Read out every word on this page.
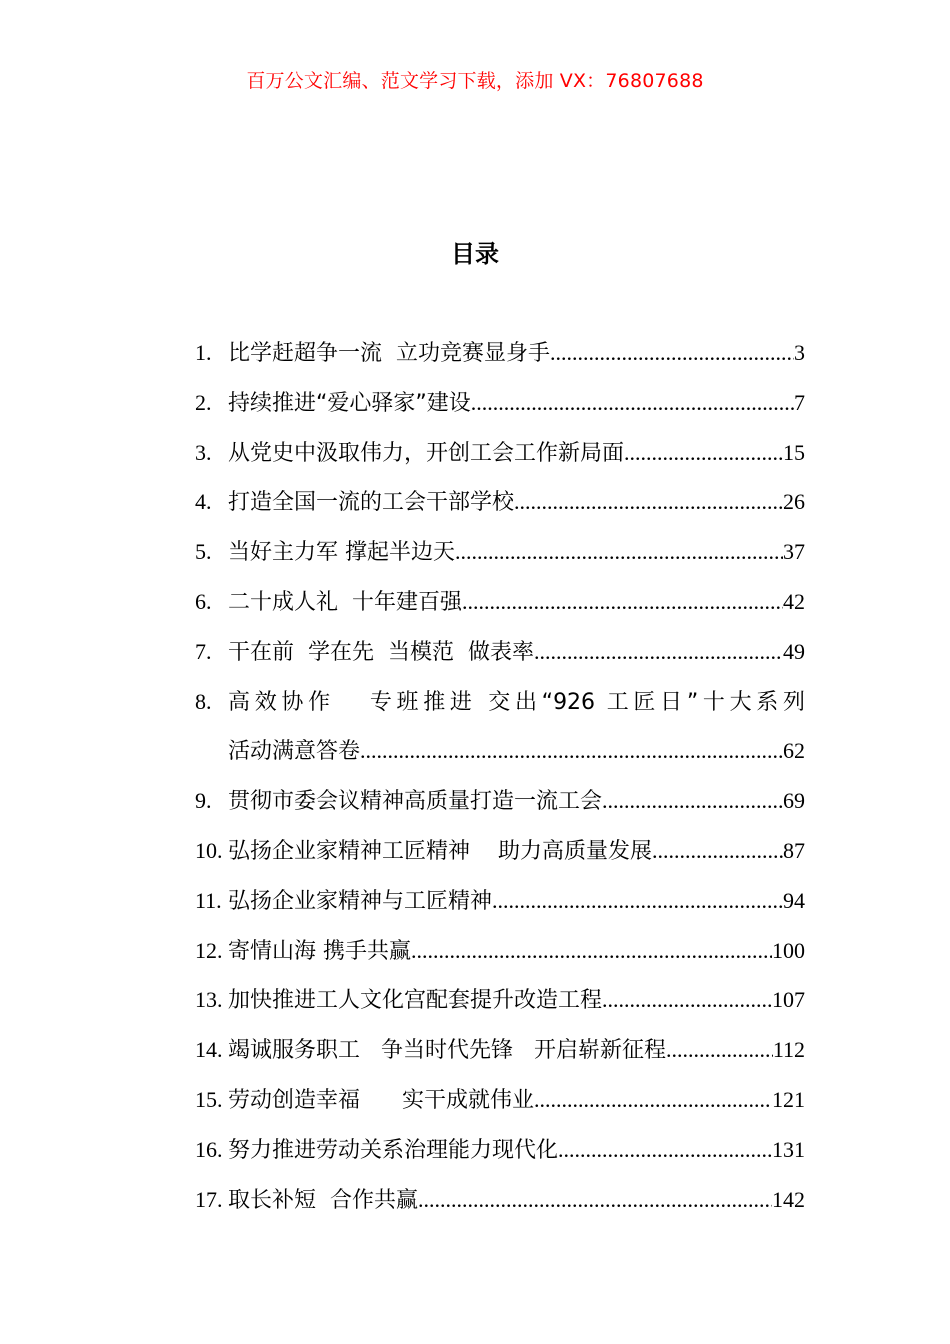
百万公文汇编、范文学习下载，添加 VX：76807688
目录
1. 比学赶超争一流  立功竞赛显身手 .....	3
2. 持续推进“爱心驿家”建设 .....	7
3. 从党史中汲取伟力，开创工会工作新局面 .....	15
4. 打造全国一流的工会干部学校 .....	26
5. 当好主力军 撑起半边天 .....	37
6. 二十成人礼  十年建百强 .....	42
7. 干在前  学在先  当模范  做表率 .....	49
8. 高效协作   专班推进 交出“926 工匠日”十大系列
活动满意答卷 .....	62
9. 贯彻市委会议精神高质量打造一流工会 .....	69
10. 弘扬企业家精神工匠精神    助力高质量发展 .....	87
11. 弘扬企业家精神与工匠精神 .....	94
12. 寄情山海 携手共赢 .....	100
13. 加快推进工人文化宫配套提升改造工程 .....	107
14. 竭诚服务职工   争当时代先锋   开启崭新征程 .....	112
15. 劳动创造幸福      实干成就伟业 .....	121
16. 努力推进劳动关系治理能力现代化 .....	131
17. 取长补短  合作共赢 .....	142
